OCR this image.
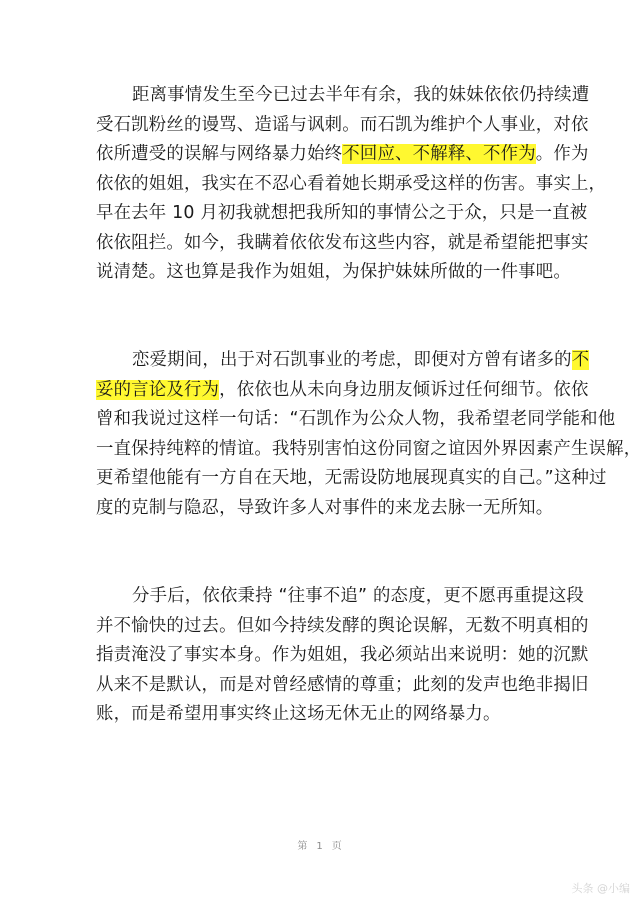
距离事情发生至今已过去半年有余，我的妹妹依依仍持续遭
受石凯粉丝的谩骂、造谣与讽刺。而石凯为维护个人事业，对依
依所遭受的误解与网络暴力始终不回应、不解释、不作为。作为
依依的姐姐，我实在不忍心看着她长期承受这样的伤害。事实上，
早在去年 10 月初我就想把我所知的事情公之于众，只是一直被
依依阻拦。如今，我瞒着依依发布这些内容，就是希望能把事实
说清楚。这也算是我作为姐姐，为保护妹妹所做的一件事吧。
恋爱期间，出于对石凯事业的考虑，即便对方曾有诸多的不
妥的言论及行为，依依也从未向身边朋友倾诉过任何细节。依依
曾和我说过这样一句话：“石凯作为公众人物，我希望老同学能和他
一直保持纯粹的情谊。我特别害怕这份同窗之谊因外界因素产生误解，
更希望他能有一方自在天地，无需设防地展现真实的自己。”这种过
度的克制与隐忍，导致许多人对事件的来龙去脉一无所知。
分手后，依依秉持 “往事不追” 的态度，更不愿再重提这段
并不愉快的过去。但如今持续发酵的舆论误解，无数不明真相的
指责淹没了事实本身。作为姐姐，我必须站出来说明：她的沉默
从来不是默认，而是对曾经感情的尊重；此刻的发声也绝非揭旧
账，而是希望用事实终止这场无休无止的网络暴力。
第 1 页
头条 @小编
